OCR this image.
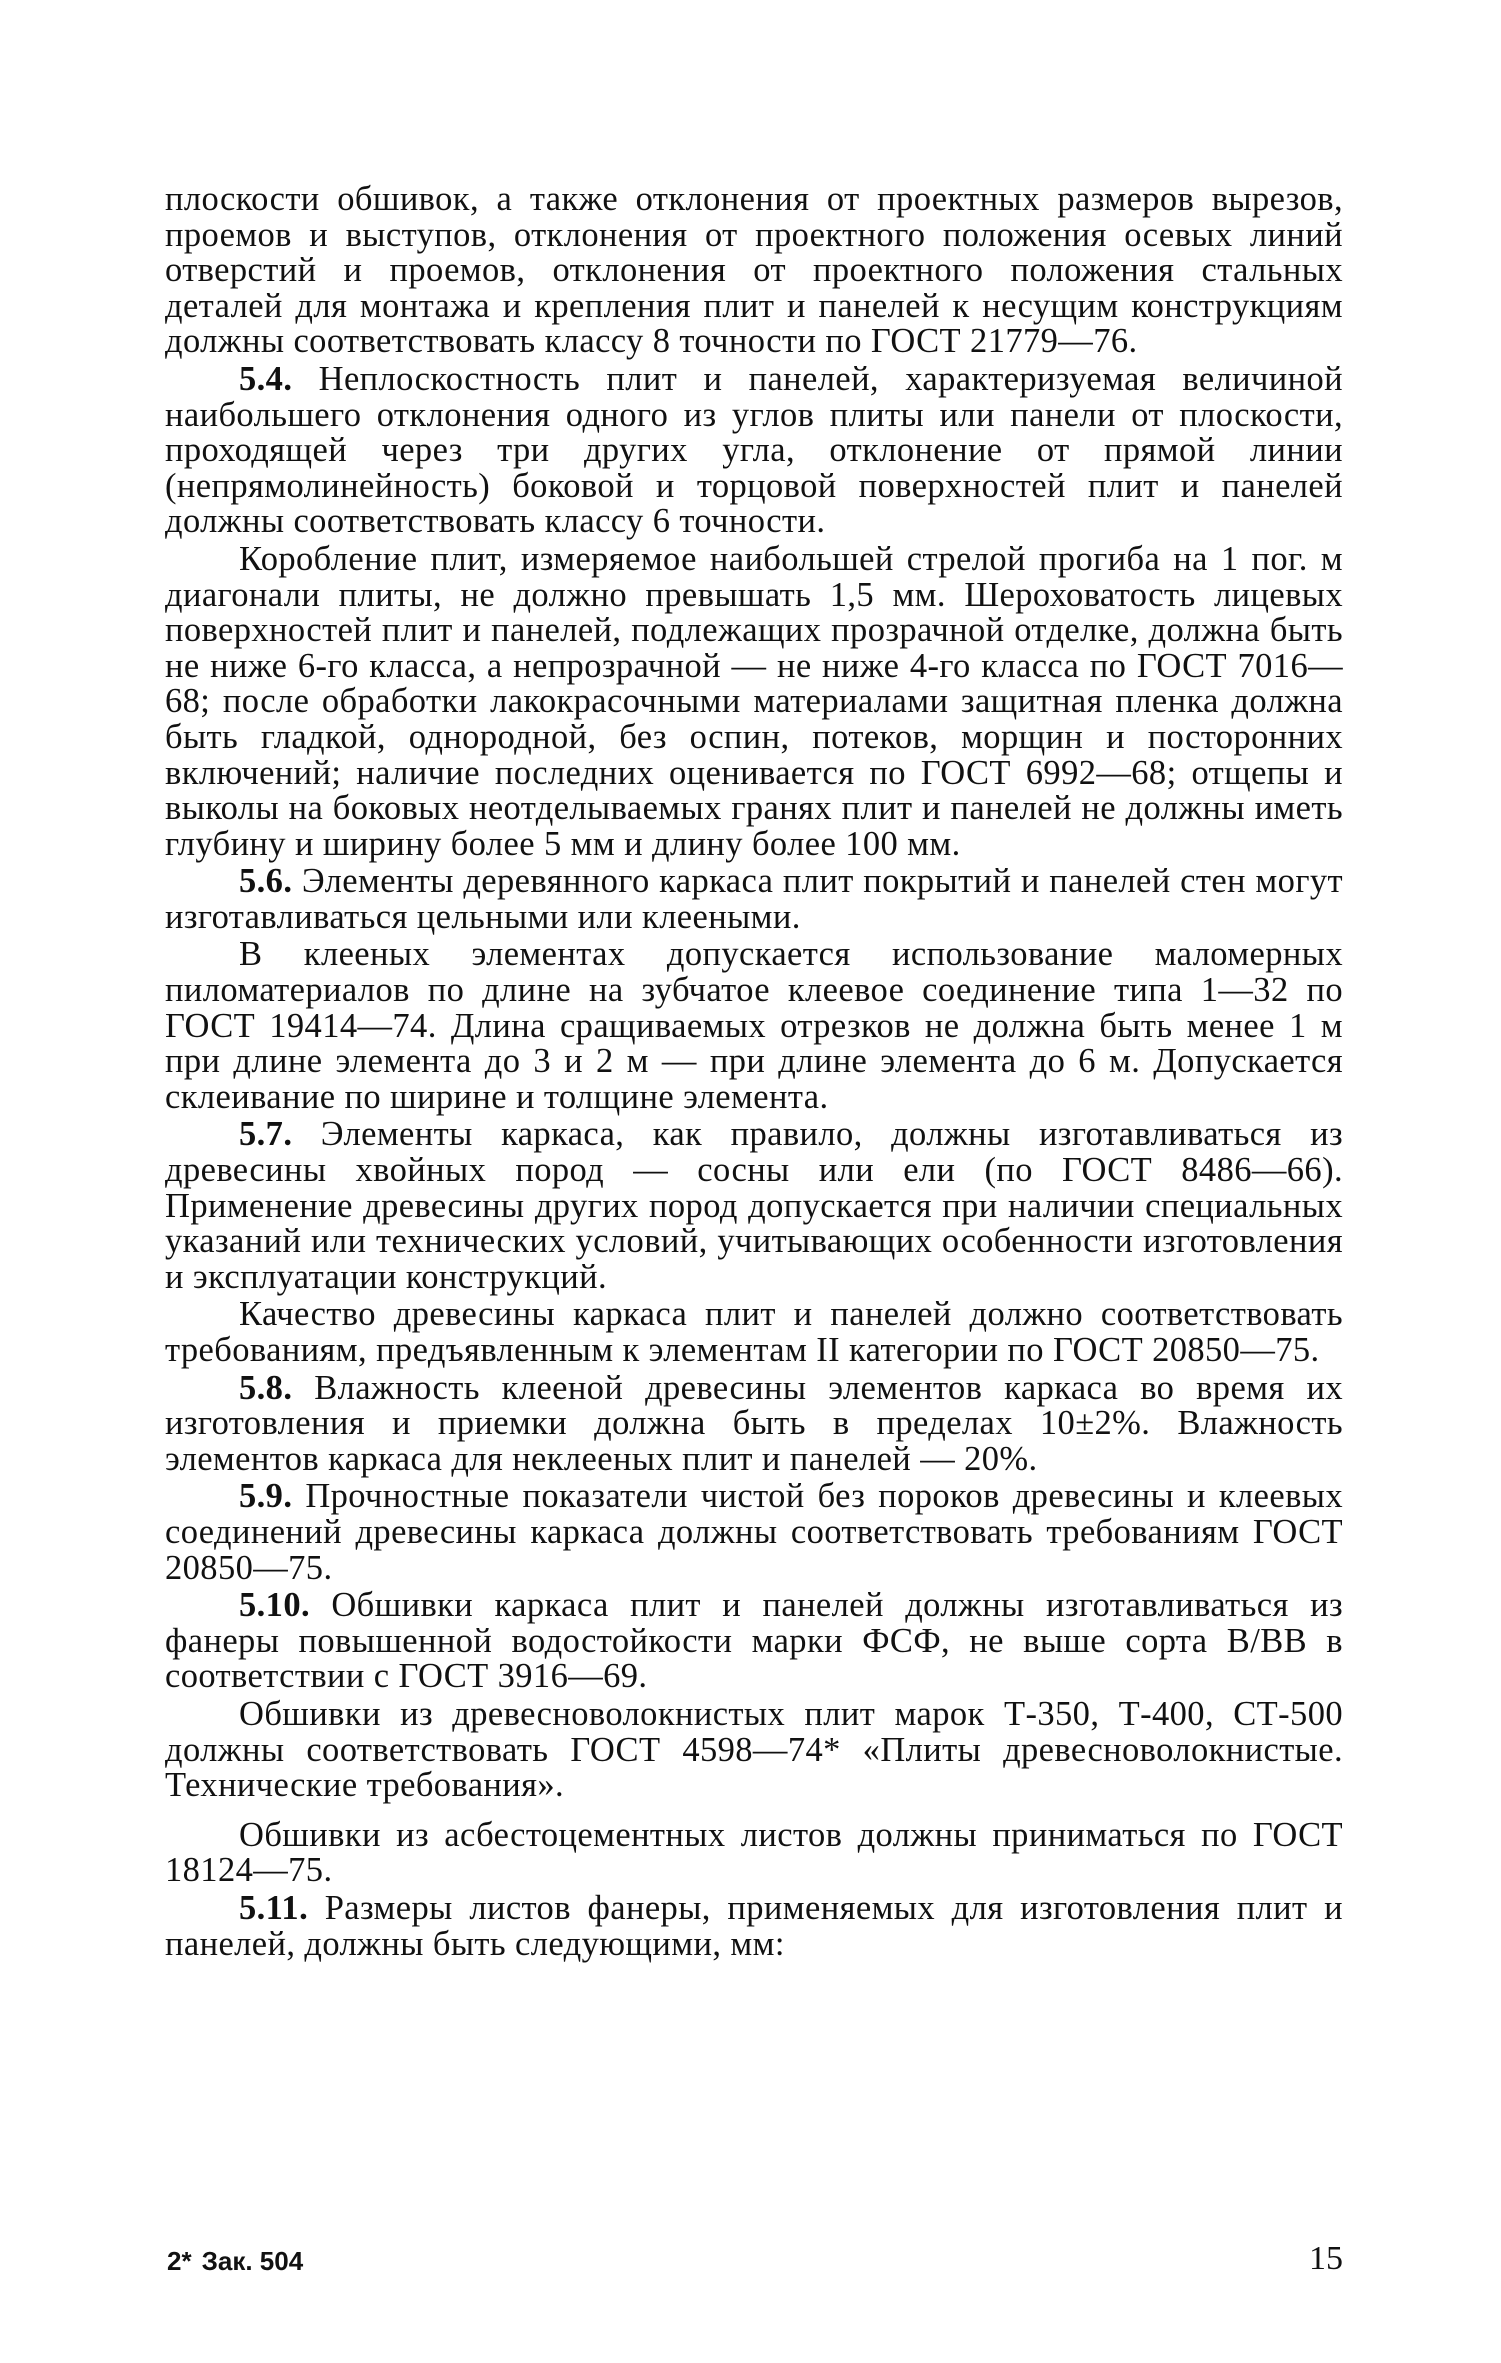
плоскости обшивок, а также отклонения от проектных размеров вырезов, проемов и выступов, отклонения от проектного положения осевых линий отверстий и проемов, отклонения от проектного положения стальных деталей для монтажа и крепления плит и панелей к несущим конструкциям должны соответствовать классу 8 точности по ГОСТ 21779—76.

5.4. Неплоскостность плит и панелей, характеризуемая величиной наибольшего отклонения одного из углов плиты или панели от плоскости, проходящей через три других угла, отклонение от прямой линии (непрямолинейность) боковой и торцовой поверхностей плит и панелей должны соответствовать классу 6 точности.

Коробление плит, измеряемое наибольшей стрелой прогиба на 1 пог. м диагонали плиты, не должно превышать 1,5 мм. Шероховатость лицевых поверхностей плит и панелей, подлежащих прозрачной отделке, должна быть не ниже 6-го класса, а непрозрачной — не ниже 4-го класса по ГОСТ 7016—68; после обработки лакокрасочными материалами защитная пленка должна быть гладкой, однородной, без оспин, потеков, морщин и посторонних включений; наличие последних оценивается по ГОСТ 6992—68; отщепы и выколы на боковых неотделываемых гранях плит и панелей не должны иметь глубину и ширину более 5 мм и длину более 100 мм.

5.6. Элементы деревянного каркаса плит покрытий и панелей стен могут изготавливаться цельными или клееными.

В клееных элементах допускается использование маломерных пиломатериалов по длине на зубчатое клеевое соединение типа 1—32 по ГОСТ 19414—74. Длина сращиваемых отрезков не должна быть менее 1 м при длине элемента до 3 и 2 м — при длине элемента до 6 м. Допускается склеивание по ширине и толщине элемента.

5.7. Элементы каркаса, как правило, должны изготавливаться из древесины хвойных пород — сосны или ели (по ГОСТ 8486—66). Применение древесины других пород допускается при наличии специальных указаний или технических условий, учитывающих особенности изготовления и эксплуатации конструкций.

Качество древесины каркаса плит и панелей должно соответствовать требованиям, предъявленным к элементам II категории по ГОСТ 20850—75.

5.8. Влажность клееной древесины элементов каркаса во время их изготовления и приемки должна быть в пределах 10±2%. Влажность элементов каркаса для неклееных плит и панелей — 20%.

5.9. Прочностные показатели чистой без пороков древесины и клеевых соединений древесины каркаса должны соответствовать требованиям ГОСТ 20850—75.

5.10. Обшивки каркаса плит и панелей должны изготавливаться из фанеры повышенной водостойкости марки ФСФ, не выше сорта В/ВВ в соответствии с ГОСТ 3916—69.

Обшивки из древесноволокнистых плит марок Т-350, Т-400, СТ-500 должны соответствовать ГОСТ 4598—74* «Плиты древесноволокнистые. Технические требования».

Обшивки из асбестоцементных листов должны приниматься по ГОСТ 18124—75.

5.11. Размеры листов фанеры, применяемых для изготовления плит и панелей, должны быть следующими, мм:

2* Зак. 504	15
